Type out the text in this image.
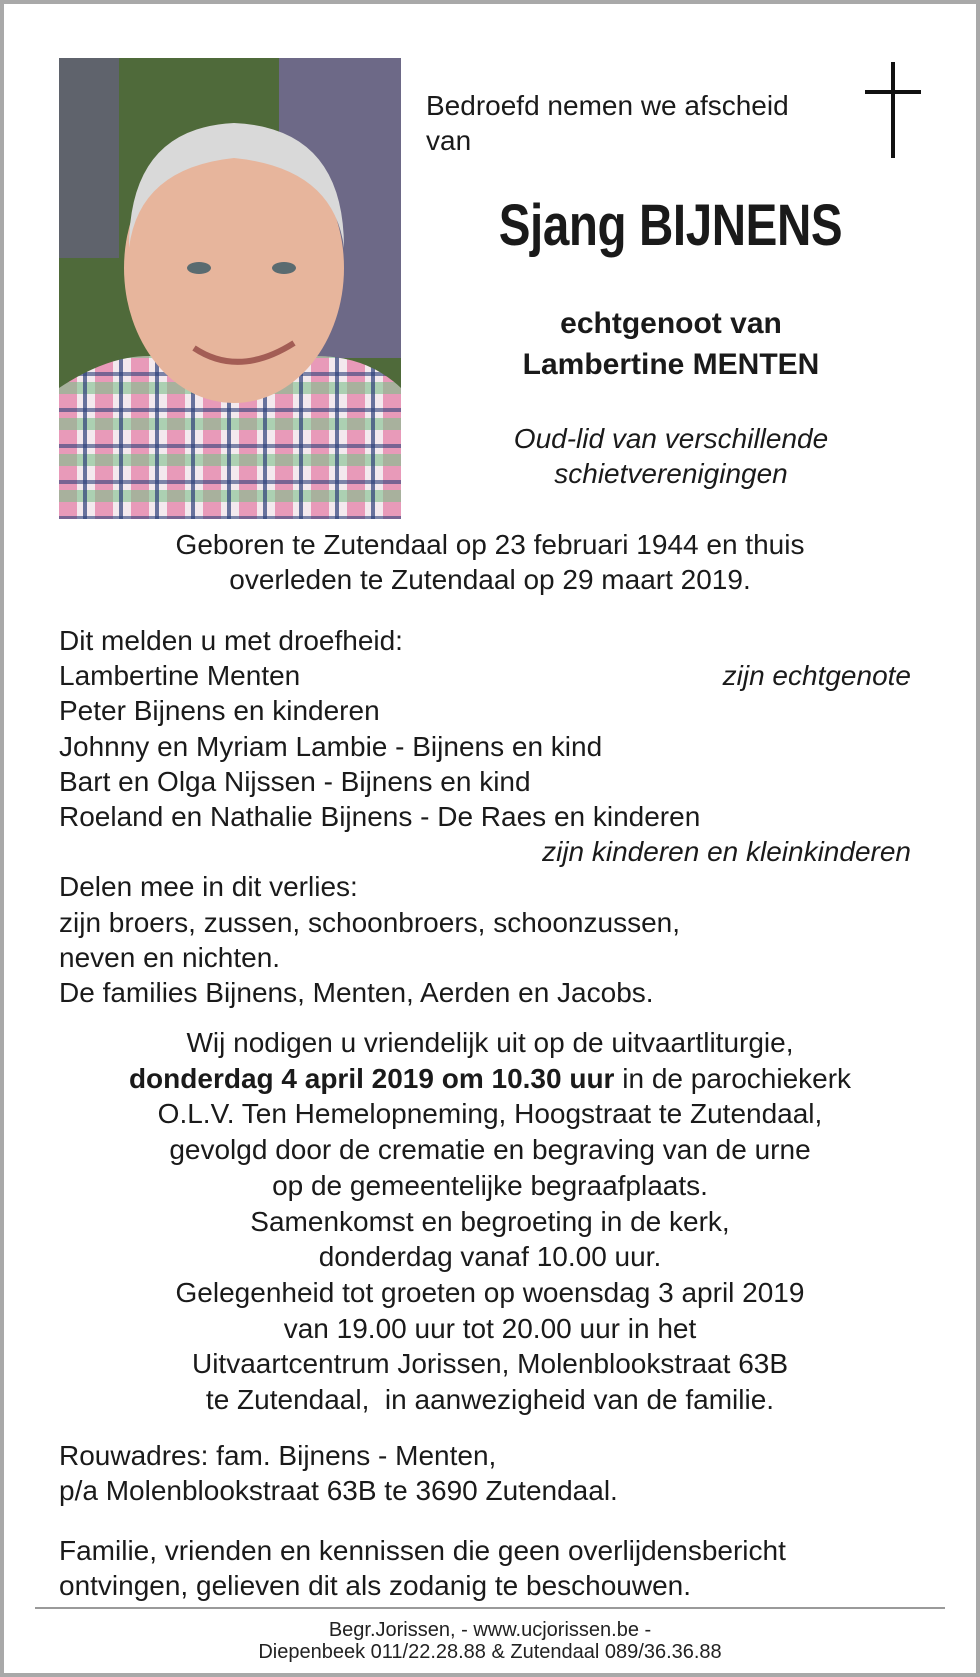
Bedroefd nemen we afscheid
van
Sjang BIJNENS
echtgenoot van
Lambertine MENTEN
Oud-lid van verschillende
schietverenigingen
Geboren te Zutendaal op 23 februari 1944 en thuis
overleden te Zutendaal op 29 maart 2019.
Dit melden u met droefheid:
Lambertine Menten	zijn echtgenote
Peter Bijnens en kinderen
Johnny en Myriam Lambie - Bijnens en kind
Bart en Olga Nijssen - Bijnens en kind
Roeland en Nathalie Bijnens - De Raes en kinderen
zijn kinderen en kleinkinderen
Delen mee in dit verlies:
zijn broers, zussen, schoonbroers, schoonzussen,
neven en nichten.
De families Bijnens, Menten, Aerden en Jacobs.
Wij nodigen u vriendelijk uit op de uitvaartliturgie,
donderdag 4 april 2019 om 10.30 uur in de parochiekerk
O.L.V. Ten Hemelopneming, Hoogstraat te Zutendaal,
gevolgd door de crematie en begraving van de urne
op de gemeentelijke begraafplaats.
Samenkomst en begroeting in de kerk,
donderdag vanaf 10.00 uur.
Gelegenheid tot groeten op woensdag 3 april 2019
van 19.00 uur tot 20.00 uur in het
Uitvaartcentrum Jorissen, Molenblookstraat 63B
te Zutendaal,  in aanwezigheid van de familie.
Rouwadres: fam. Bijnens - Menten,
p/a Molenblookstraat 63B te 3690 Zutendaal.
Familie, vrienden en kennissen die geen overlijdensbericht
ontvingen, gelieven dit als zodanig te beschouwen.
Begr.Jorissen, - www.ucjorissen.be -
Diepenbeek 011/22.28.88 & Zutendaal 089/36.36.88
